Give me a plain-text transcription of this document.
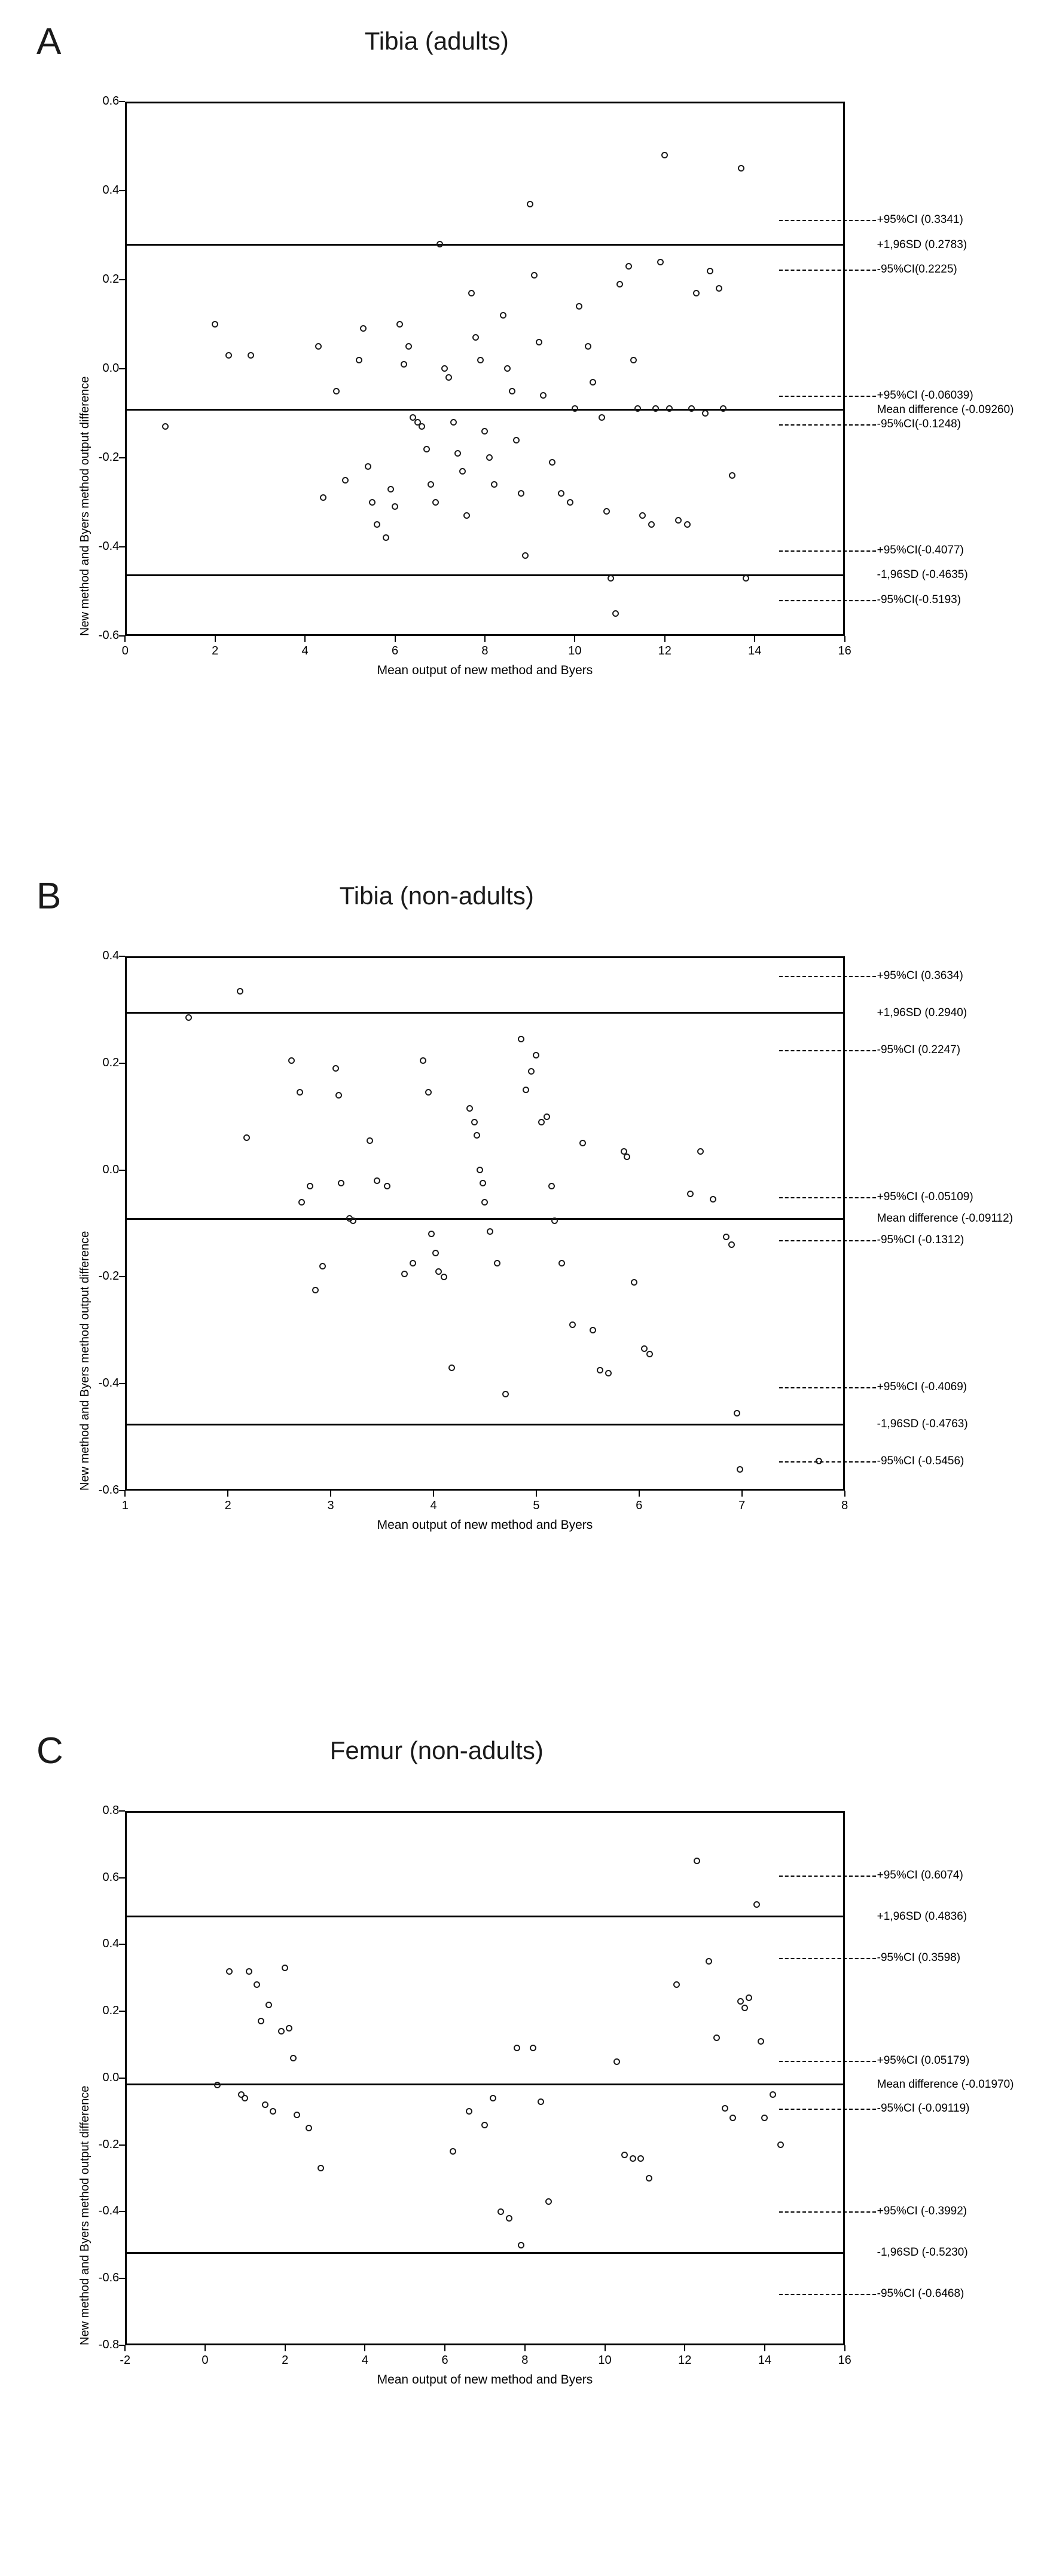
A	Tibia (adults)
New method and Byers method output difference
Mean output of new method and Byers
0.6
0.4
0.2
0.0
-0.2
-0.4
-0.6
0	2	4	6	8	10	12	14	16
+95%CI (0.3341)
+1,96SD (0.2783)
-95%CI(0.2225)
+95%CI (-0.06039)
Mean difference (-0.09260)
-95%CI(-0.1248)
+95%CI(-0.4077)
-1,96SD (-0.4635)
-95%CI(-0.5193)
B	Tibia (non-adults)
New method and Byers method output difference
Mean output of new method and Byers
0.4
0.2
0.0
-0.2
-0.4
-0.6
1	2	3	4	5	6	7	8
+95%CI (0.3634)
+1,96SD (0.2940)
-95%CI (0.2247)
+95%CI (-0.05109)
Mean difference (-0.09112)
-95%CI (-0.1312)
+95%CI (-0.4069)
-1,96SD (-0.4763)
-95%CI (-0.5456)
C	Femur (non-adults)
New method and Byers method output difference
Mean output of new method and Byers
0.8
0.6
0.4
0.2
0.0
-0.2
-0.4
-0.6
-0.8
-2	0	2	4	6	8	10	12	14	16
+95%CI (0.6074)
+1,96SD (0.4836)
-95%CI (0.3598)
+95%CI (0.05179)
Mean difference (-0.01970)
-95%CI (-0.09119)
+95%CI (-0.3992)
-1,96SD (-0.5230)
-95%CI (-0.6468)
